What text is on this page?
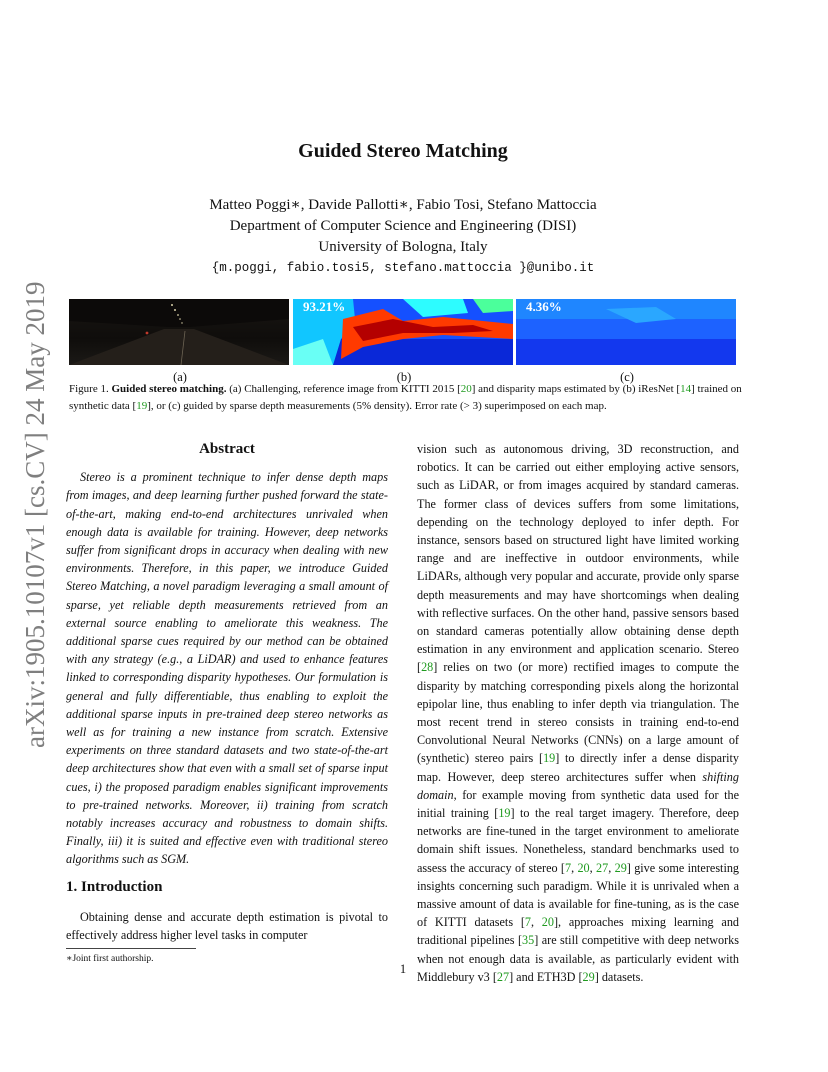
arXiv:1905.10107v1 [cs.CV] 24 May 2019
Guided Stereo Matching
Matteo Poggi∗, Davide Pallotti∗, Fabio Tosi, Stefano Mattoccia
Department of Computer Science and Engineering (DISI)
University of Bologna, Italy
{m.poggi, fabio.tosi5, stefano.mattoccia }@unibo.it
93.21%	4.36%
(a)	(b)	(c)
Figure 1. Guided stereo matching. (a) Challenging, reference image from KITTI 2015 [20] and disparity maps estimated by (b) iResNet [14] trained on synthetic data [19], or (c) guided by sparse depth measurements (5% density). Error rate (> 3) superimposed on each map.
Abstract

Stereo is a prominent technique to infer dense depth maps from images, and deep learning further pushed forward the state-of-the-art, making end-to-end architectures unrivaled when enough data is available for training. However, deep networks suffer from significant drops in accuracy when dealing with new environments. Therefore, in this paper, we introduce Guided Stereo Matching, a novel paradigm leveraging a small amount of sparse, yet reliable depth measurements retrieved from an external source enabling to ameliorate this weakness. The additional sparse cues required by our method can be obtained with any strategy (e.g., a LiDAR) and used to enhance features linked to corresponding disparity hypotheses. Our formulation is general and fully differentiable, thus enabling to exploit the additional sparse inputs in pre-trained deep stereo networks as well as for training a new instance from scratch. Extensive experiments on three standard datasets and two state-of-the-art deep architectures show that even with a small set of sparse input cues, i) the proposed paradigm enables significant improvements to pre-trained networks. Moreover, ii) training from scratch notably increases accuracy and robustness to domain shifts. Finally, iii) it is suited and effective even with traditional stereo algorithms such as SGM.

1. Introduction

Obtaining dense and accurate depth estimation is pivotal to effectively address higher level tasks in computer

vision such as autonomous driving, 3D reconstruction, and robotics. It can be carried out either employing active sensors, such as LiDAR, or from images acquired by standard cameras. The former class of devices suffers from some limitations, depending on the technology deployed to infer depth. For instance, sensors based on structured light have limited working range and are ineffective in outdoor environments, while LiDARs, although very popular and accurate, provide only sparse depth measurements and may have shortcomings when dealing with reflective surfaces. On the other hand, passive sensors based on standard cameras potentially allow obtaining dense depth estimation in any environment and application scenario. Stereo [28] relies on two (or more) rectified images to compute the disparity by matching corresponding pixels along the horizontal epipolar line, thus enabling to infer depth via triangulation. The most recent trend in stereo consists in training end-to-end Convolutional Neural Networks (CNNs) on a large amount of (synthetic) stereo pairs [19] to directly infer a dense disparity map. However, deep stereo architectures suffer when shifting domain, for example moving from synthetic data used for the initial training [19] to the real target imagery. Therefore, deep networks are fine-tuned in the target environment to ameliorate domain shift issues. Nonetheless, standard benchmarks used to assess the accuracy of stereo [7, 20, 27, 29] give some interesting insights concerning such paradigm. While it is unrivaled when a massive amount of data is available for fine-tuning, as is the case of KITTI datasets [7, 20], approaches mixing learning and traditional pipelines [35] are still competitive with deep networks when not enough data is available, as particularly evident with Middlebury v3 [27] and ETH3D [29] datasets.

∗Joint first authorship.
1
